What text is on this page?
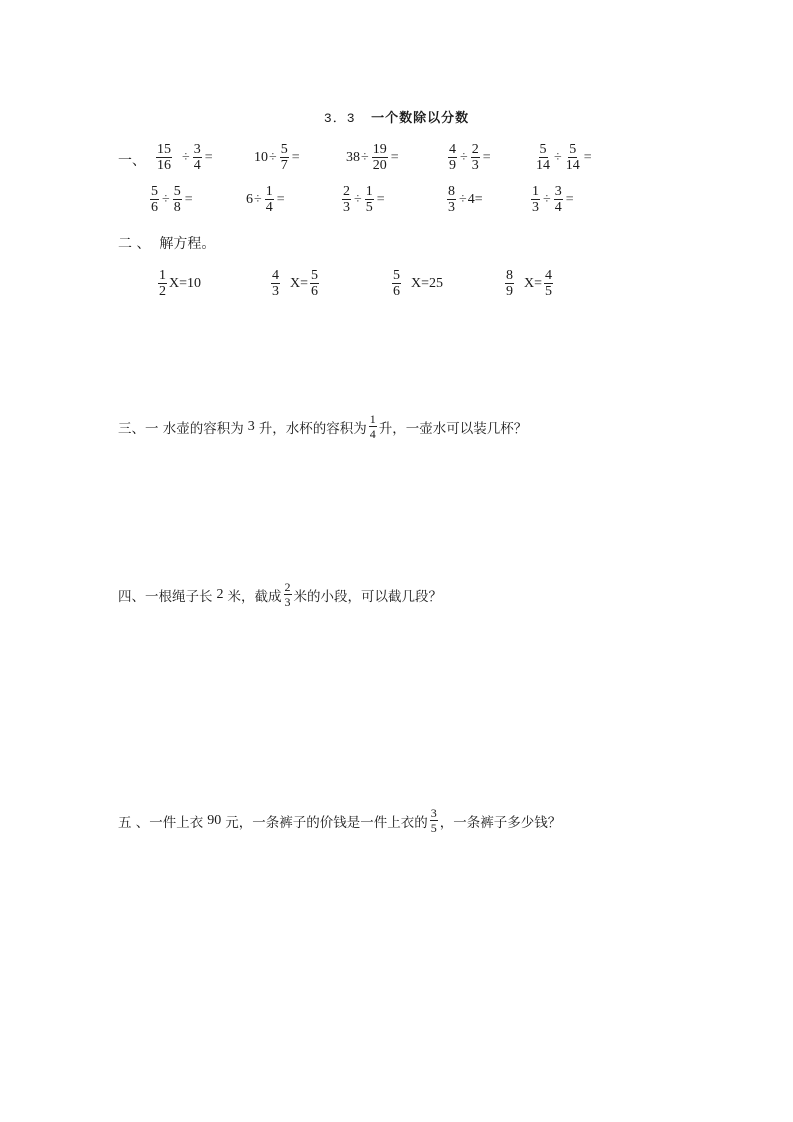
3．3 一个数除以分数
一、 $\frac{15}{16} \div \frac{3}{4}$ =	$10 \div \frac{5}{7}$ =	$38 \div \frac{19}{20}$ =	$\frac{4}{9} \div \frac{2}{3}$ =	$\frac{5}{14} \div \frac{5}{14}$ =
$\frac{5}{6} \div \frac{5}{8}$ =	$6 \div \frac{1}{4}$ =	$\frac{2}{3} \div \frac{1}{5}$ =	$\frac{8}{3} \div 4=$	$\frac{1}{3} \div \frac{3}{4}$ =
二 、  解方程。
$\frac{1}{2} X=10$	$\frac{4}{3} X= \frac{5}{6}$	$\frac{5}{6} X=25$	$\frac{8}{9} X= \frac{4}{5}$
三、一 水壶的容积为 3 升，水杯的容积为 $\frac{1}{4}$ 升，一壶水可以装几杯？
四、一根绳子长 2 米，截成 $\frac{2}{3}$ 米的小段，可以截几段？
五 、一件上衣 90 元，一条裤子的价钱是一件上衣的 $\frac{3}{5}$ ，一条裤子多少钱？
